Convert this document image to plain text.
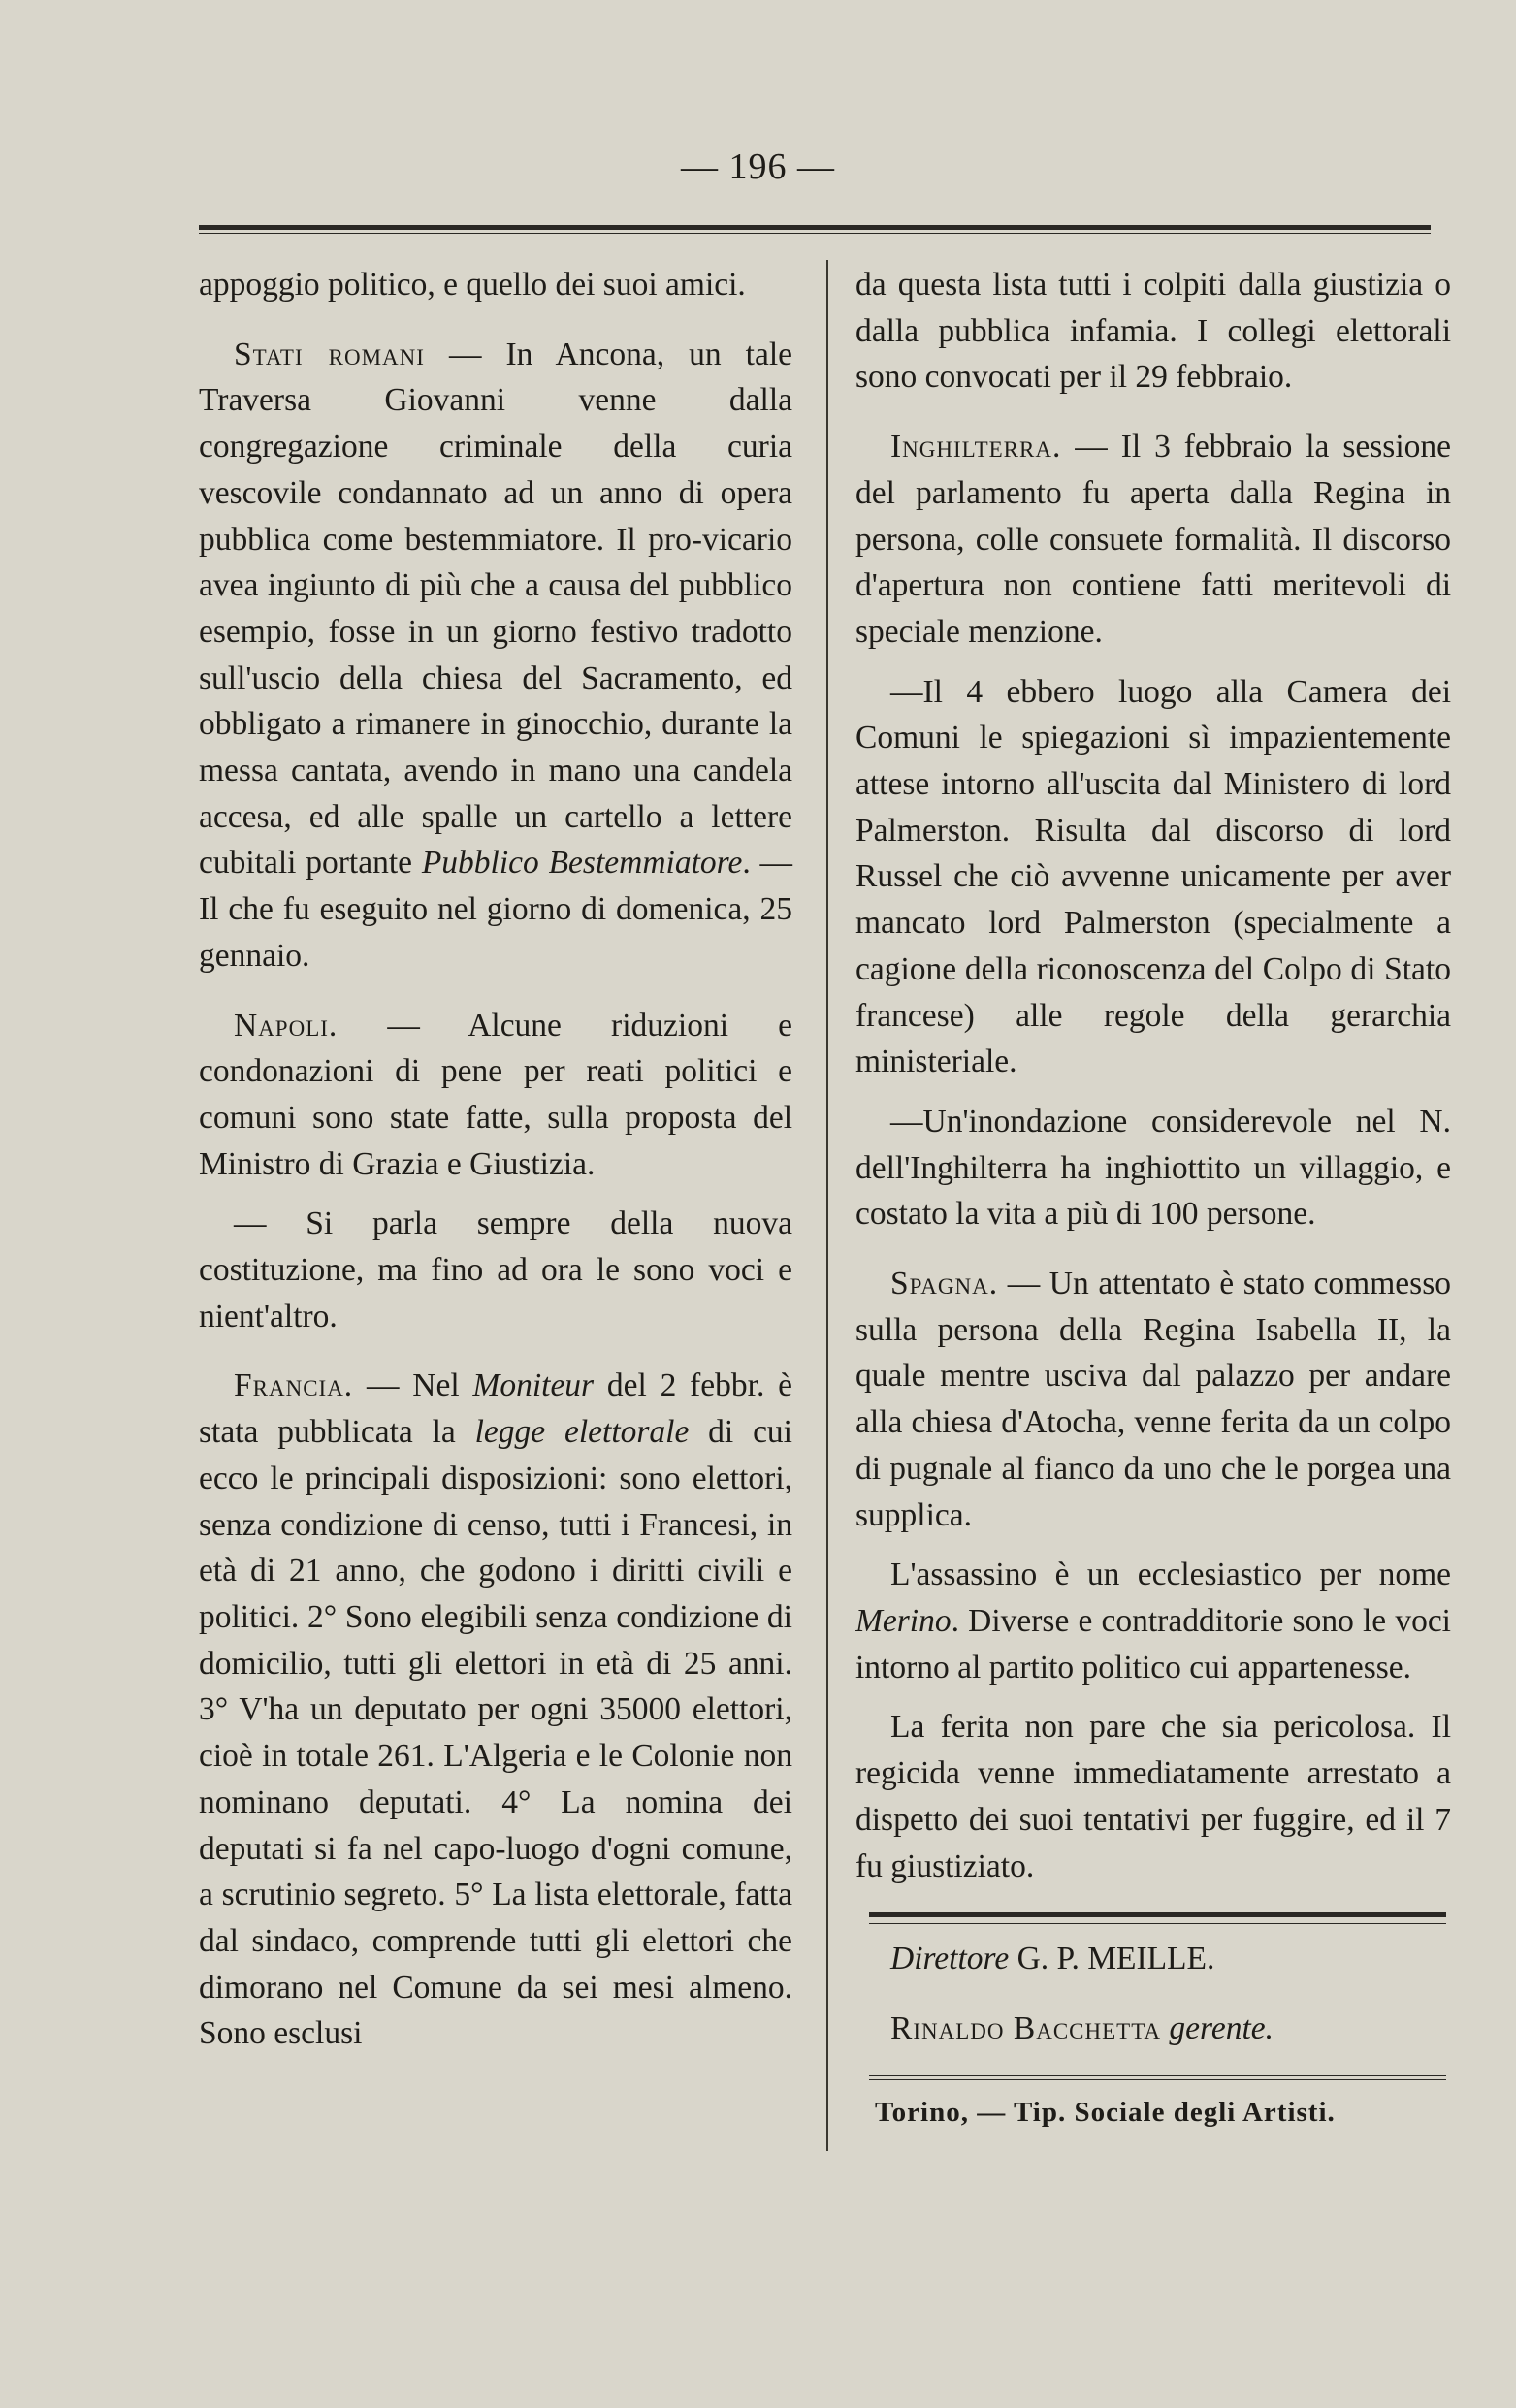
— 196 —

appoggio politico, e quello dei suoi amici.

Stati romani — In Ancona, un tale Traversa Giovanni venne dalla congregazione criminale della curia vescovile condannato ad un anno di opera pubblica come bestemmiatore. Il pro-vicario avea ingiunto di più che a causa del pubblico esempio, fosse in un giorno festivo tradotto sull'uscio della chiesa del Sacramento, ed obbligato a rimanere in ginocchio, durante la messa cantata, avendo in mano una candela accesa, ed alle spalle un cartello a lettere cubitali portante Pubblico Bestemmiatore. — Il che fu eseguito nel giorno di domenica, 25 gennaio.

Napoli. — Alcune riduzioni e condonazioni di pene per reati politici e comuni sono state fatte, sulla proposta del Ministro di Grazia e Giustizia.

— Si parla sempre della nuova costituzione, ma fino ad ora le sono voci e nient'altro.

Francia. — Nel Moniteur del 2 febbr. è stata pubblicata la legge elettorale di cui ecco le principali disposizioni: sono elettori, senza condizione di censo, tutti i Francesi, in età di 21 anno, che godono i diritti civili e politici. 2° Sono elegibili senza condizione di domicilio, tutti gli elettori in età di 25 anni. 3° V'ha un deputato per ogni 35000 elettori, cioè in totale 261. L'Algeria e le Colonie non nominano deputati. 4° La nomina dei deputati si fa nel capo-luogo d'ogni comune, a scrutinio segreto. 5° La lista elettorale, fatta dal sindaco, comprende tutti gli elettori che dimorano nel Comune da sei mesi almeno. Sono esclusi

da questa lista tutti i colpiti dalla giustizia o dalla pubblica infamia. I collegi elettorali sono convocati per il 29 febbraio.

Inghilterra. — Il 3 febbraio la sessione del parlamento fu aperta dalla Regina in persona, colle consuete formalità. Il discorso d'apertura non contiene fatti meritevoli di speciale menzione.

—Il 4 ebbero luogo alla Camera dei Comuni le spiegazioni sì impazientemente attese intorno all'uscita dal Ministero di lord Palmerston. Risulta dal discorso di lord Russel che ciò avvenne unicamente per aver mancato lord Palmerston (specialmente a cagione della riconoscenza del Colpo di Stato francese) alle regole della gerarchia ministeriale.

—Un'inondazione considerevole nel N. dell'Inghilterra ha inghiottito un villaggio, e costato la vita a più di 100 persone.

Spagna. — Un attentato è stato commesso sulla persona della Regina Isabella II, la quale mentre usciva dal palazzo per andare alla chiesa d'Atocha, venne ferita da un colpo di pugnale al fianco da uno che le porgea una supplica.

L'assassino è un ecclesiastico per nome Merino. Diverse e contradditorie sono le voci intorno al partito politico cui appartenesse.

La ferita non pare che sia pericolosa. Il regicida venne immediatamente arrestato a dispetto dei suoi tentativi per fuggire, ed il 7 fu giustiziato.

Direttore G. P. MEILLE.

Rinaldo Bacchetta gerente.

Torino, — Tip. Sociale degli Artisti.
